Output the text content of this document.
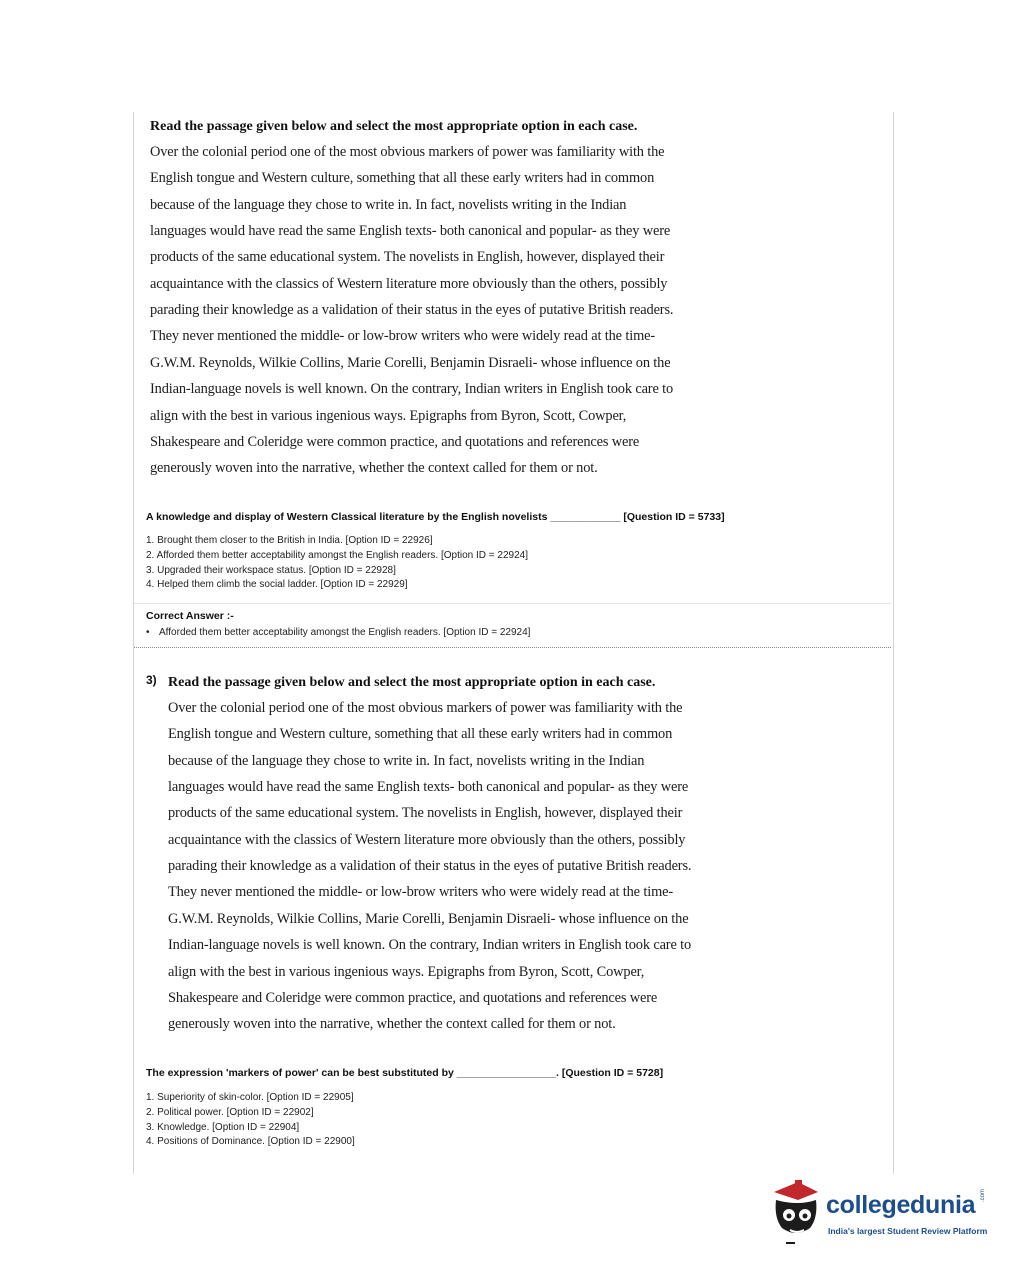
Read the passage given below and select the most appropriate option in each case.
Over the colonial period one of the most obvious markers of power was familiarity with the
English tongue and Western culture, something that all these early writers had in common
because of the language they chose to write in. In fact, novelists writing in the Indian
languages would have read the same English texts- both canonical and popular- as they were
products of the same educational system. The novelists in English, however, displayed their
acquaintance with the classics of Western literature more obviously than the others, possibly
parading their knowledge as a validation of their status in the eyes of putative British readers.
They never mentioned the middle- or low-brow writers who were widely read at the time-
G.W.M. Reynolds, Wilkie Collins, Marie Corelli, Benjamin Disraeli- whose influence on the
Indian-language novels is well known. On the contrary, Indian writers in English took care to
align with the best in various ingenious ways. Epigraphs from Byron, Scott, Cowper,
Shakespeare and Coleridge were common practice, and quotations and references were
generously woven into the narrative, whether the context called for them or not.
A knowledge and display of Western Classical literature by the English novelists ____________ [Question ID = 5733]
1. Brought them closer to the British in India. [Option ID = 22926]
2. Afforded them better acceptability amongst the English readers. [Option ID = 22924]
3. Upgraded their workspace status. [Option ID = 22928]
4. Helped them climb the social ladder. [Option ID = 22929]
Correct Answer :-
• Afforded them better acceptability amongst the English readers. [Option ID = 22924]
3) Read the passage given below and select the most appropriate option in each case.
Over the colonial period one of the most obvious markers of power was familiarity with the
English tongue and Western culture, something that all these early writers had in common
because of the language they chose to write in. In fact, novelists writing in the Indian
languages would have read the same English texts- both canonical and popular- as they were
products of the same educational system. The novelists in English, however, displayed their
acquaintance with the classics of Western literature more obviously than the others, possibly
parading their knowledge as a validation of their status in the eyes of putative British readers.
They never mentioned the middle- or low-brow writers who were widely read at the time-
G.W.M. Reynolds, Wilkie Collins, Marie Corelli, Benjamin Disraeli- whose influence on the
Indian-language novels is well known. On the contrary, Indian writers in English took care to
align with the best in various ingenious ways. Epigraphs from Byron, Scott, Cowper,
Shakespeare and Coleridge were common practice, and quotations and references were
generously woven into the narrative, whether the context called for them or not.
The expression 'markers of power' can be best substituted by _________________. [Question ID = 5728]
1. Superiority of skin-color. [Option ID = 22905]
2. Political power. [Option ID = 22902]
3. Knowledge. [Option ID = 22904]
4. Positions of Dominance. [Option ID = 22900]
collegedunia .com
India's largest Student Review Platform
